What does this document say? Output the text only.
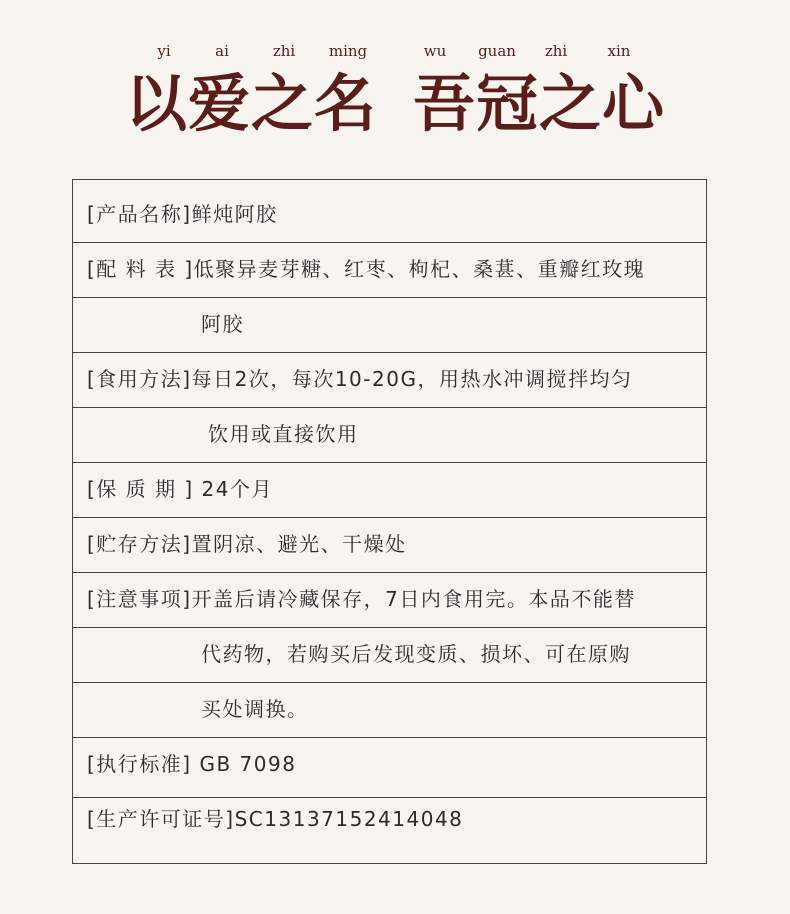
yi	ai	zhi ming	wu guan zhi	xin
以爱之名 吾冠之心
[产品名称]鲜炖阿胶
[配 料 表 ]低聚异麦芽糖、红枣、枸杞、桑葚、重瓣红玫瑰
阿胶
[食用方法]每日2次，每次10-20G，用热水冲调搅拌均匀
饮用或直接饮用
[保 质 期 ] 24个月
[贮存方法]置阴凉、避光、干燥处
[注意事项]开盖后请冷藏保存，7日内食用完。本品不能替
代药物，若购买后发现变质、损坏、可在原购
买处调换。
[执行标准] GB 7098
[生产许可证号]SC13137152414048
